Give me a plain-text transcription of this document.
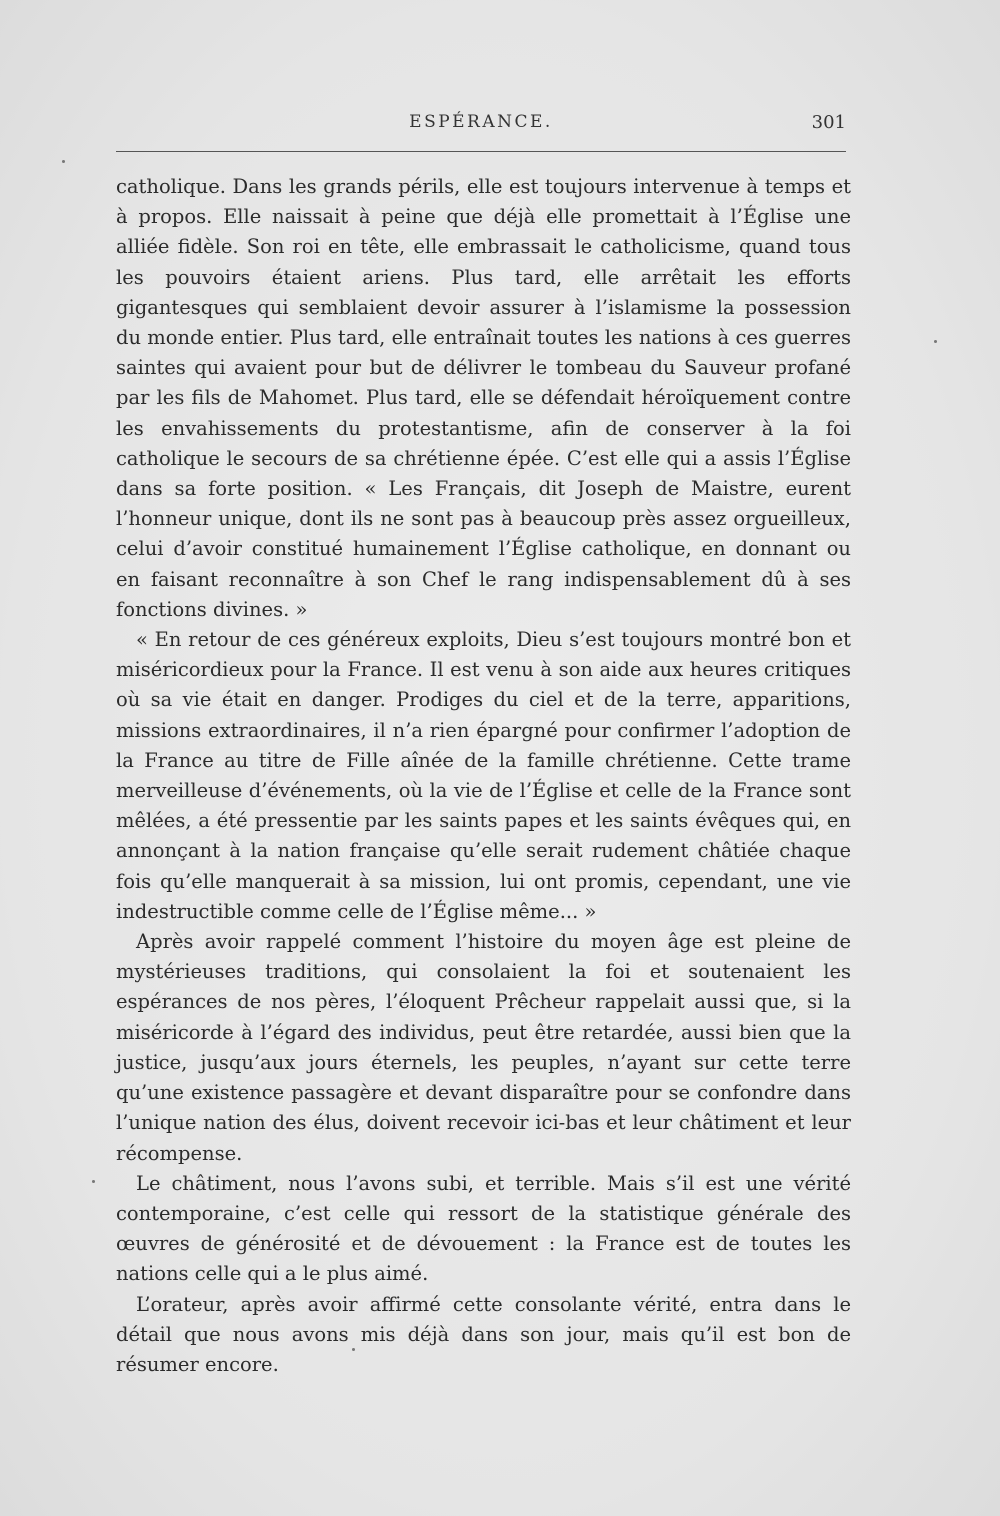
ESPÉRANCE.	301

catholique. Dans les grands périls, elle est toujours intervenue à temps et à propos. Elle naissait à peine que déjà elle promettait à l’Église une alliée fidèle. Son roi en tête, elle embrassait le catholicisme, quand tous les pouvoirs étaient ariens. Plus tard, elle arrêtait les efforts gigantesques qui semblaient devoir assurer à l’islamisme la possession du monde entier. Plus tard, elle entraînait toutes les nations à ces guerres saintes qui avaient pour but de délivrer le tombeau du Sauveur profané par les fils de Mahomet. Plus tard, elle se défendait héroïquement contre les envahissements du protestantisme, afin de conserver à la foi catholique le secours de sa chrétienne épée. C’est elle qui a assis l’Église dans sa forte position. « Les Français, dit Joseph de Maistre, eurent l’honneur unique, dont ils ne sont pas à beaucoup près assez orgueilleux, celui d’avoir constitué humainement l’Église catholique, en donnant ou en faisant reconnaître à son Chef le rang indispensablement dû à ses fonctions divines. »

« En retour de ces généreux exploits, Dieu s’est toujours montré bon et miséricordieux pour la France. Il est venu à son aide aux heures critiques où sa vie était en danger. Prodiges du ciel et de la terre, apparitions, missions extraordinaires, il n’a rien épargné pour confirmer l’adoption de la France au titre de Fille aînée de la famille chrétienne. Cette trame merveilleuse d’événements, où la vie de l’Église et celle de la France sont mêlées, a été pressentie par les saints papes et les saints évêques qui, en annonçant à la nation française qu’elle serait rudement châtiée chaque fois qu’elle manquerait à sa mission, lui ont promis, cependant, une vie indestructible comme celle de l’Église même... »

Après avoir rappelé comment l’histoire du moyen âge est pleine de mystérieuses traditions, qui consolaient la foi et soutenaient les espérances de nos pères, l’éloquent Prêcheur rappelait aussi que, si la miséricorde à l’égard des individus, peut être retardée, aussi bien que la justice, jusqu’aux jours éternels, les peuples, n’ayant sur cette terre qu’une existence passagère et devant disparaître pour se confondre dans l’unique nation des élus, doivent recevoir ici-bas et leur châtiment et leur récompense.

Le châtiment, nous l’avons subi, et terrible. Mais s’il est une vérité contemporaine, c’est celle qui ressort de la statistique générale des œuvres de générosité et de dévouement : la France est de toutes les nations celle qui a le plus aimé.

L’orateur, après avoir affirmé cette consolante vérité, entra dans le détail que nous avons mis déjà dans son jour, mais qu’il est bon de résumer encore.
